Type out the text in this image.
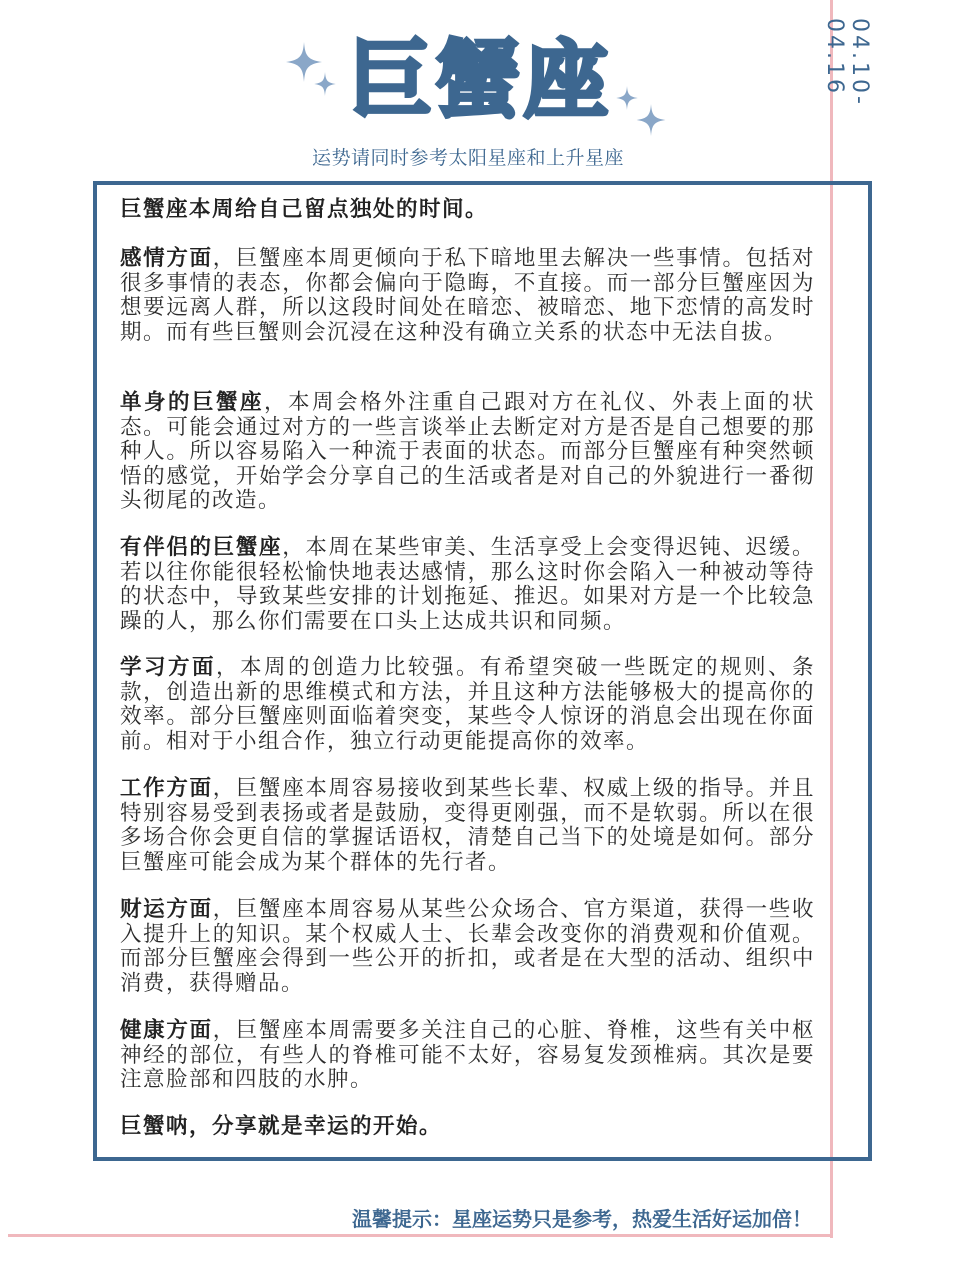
04.10-04.16
巨蟹座
运势请同时参考太阳星座和上升星座
巨蟹座本周给自己留点独处的时间。
感情方面，巨蟹座本周更倾向于私下暗地里去解决一些事情。包括对很多事情的表态，你都会偏向于隐晦，不直接。而一部分巨蟹座因为想要远离人群，所以这段时间处在暗恋、被暗恋、地下恋情的高发时期。而有些巨蟹则会沉浸在这种没有确立关系的状态中无法自拔。
单身的巨蟹座，本周会格外注重自己跟对方在礼仪、外表上面的状态。可能会通过对方的一些言谈举止去断定对方是否是自己想要的那种人。所以容易陷入一种流于表面的状态。而部分巨蟹座有种突然顿悟的感觉，开始学会分享自己的生活或者是对自己的外貌进行一番彻头彻尾的改造。
有伴侣的巨蟹座，本周在某些审美、生活享受上会变得迟钝、迟缓。若以往你能很轻松愉快地表达感情，那么这时你会陷入一种被动等待的状态中，导致某些安排的计划拖延、推迟。如果对方是一个比较急躁的人，那么你们需要在口头上达成共识和同频。
学习方面，本周的创造力比较强。有希望突破一些既定的规则、条款，创造出新的思维模式和方法，并且这种方法能够极大的提高你的效率。部分巨蟹座则面临着突变，某些令人惊讶的消息会出现在你面前。相对于小组合作，独立行动更能提高你的效率。
工作方面，巨蟹座本周容易接收到某些长辈、权威上级的指导。并且特别容易受到表扬或者是鼓励，变得更刚强，而不是软弱。所以在很多场合你会更自信的掌握话语权，清楚自己当下的处境是如何。部分巨蟹座可能会成为某个群体的先行者。
财运方面，巨蟹座本周容易从某些公众场合、官方渠道，获得一些收入提升上的知识。某个权威人士、长辈会改变你的消费观和价值观。而部分巨蟹座会得到一些公开的折扣，或者是在大型的活动、组织中消费，获得赠品。
健康方面，巨蟹座本周需要多关注自己的心脏、脊椎，这些有关中枢神经的部位，有些人的脊椎可能不太好，容易复发颈椎病。其次是要注意脸部和四肢的水肿。
巨蟹呐，分享就是幸运的开始。
温馨提示：星座运势只是参考，热爱生活好运加倍！
